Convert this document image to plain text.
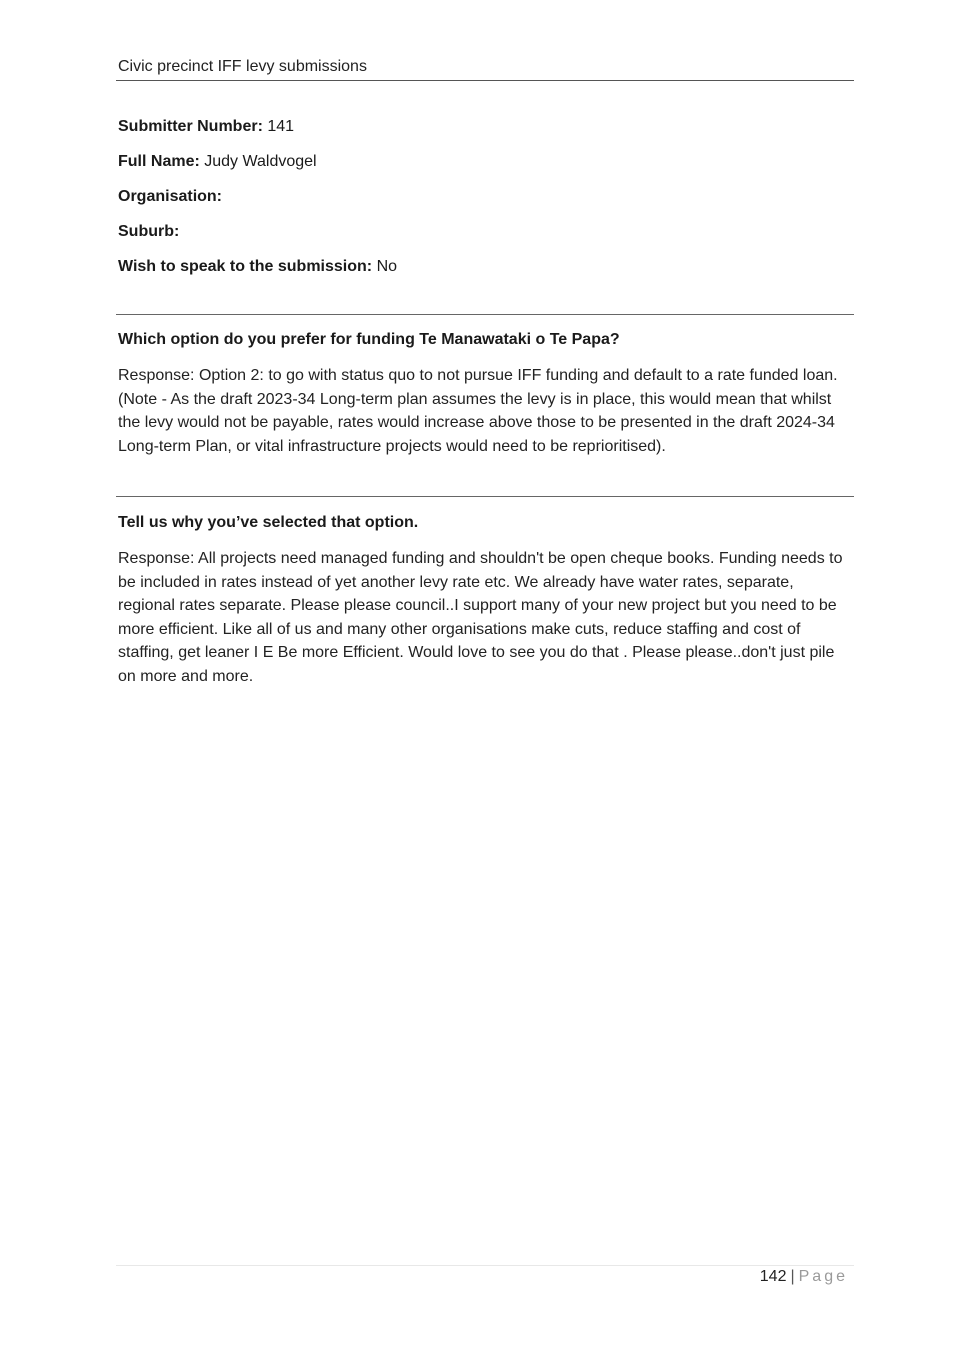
Civic precinct IFF levy submissions
Submitter Number: 141
Full Name: Judy Waldvogel
Organisation:
Suburb:
Wish to speak to the submission: No
Which option do you prefer for funding Te Manawataki o Te Papa?
Response: Option 2: to go with status quo to not pursue IFF funding and default to a rate funded loan. (Note - As the draft 2023-34 Long-term plan assumes the levy is in place, this would mean that whilst the levy would not be payable, rates would increase above those to be presented in the draft 2024-34 Long-term Plan, or vital infrastructure projects would need to be reprioritised).
Tell us why you’ve selected that option.
Response: All projects need managed funding and shouldn't be open cheque books. Funding needs to be included in rates instead of yet another levy rate etc. We already have water rates, separate, regional rates separate. Please please council..I support many of your new project but you need to be more efficient. Like all of us and many other organisations make cuts, reduce staffing and cost of staffing, get leaner I E Be more Efficient. Would love to see you do that . Please please..don't just pile on more and more.
142 | Page
